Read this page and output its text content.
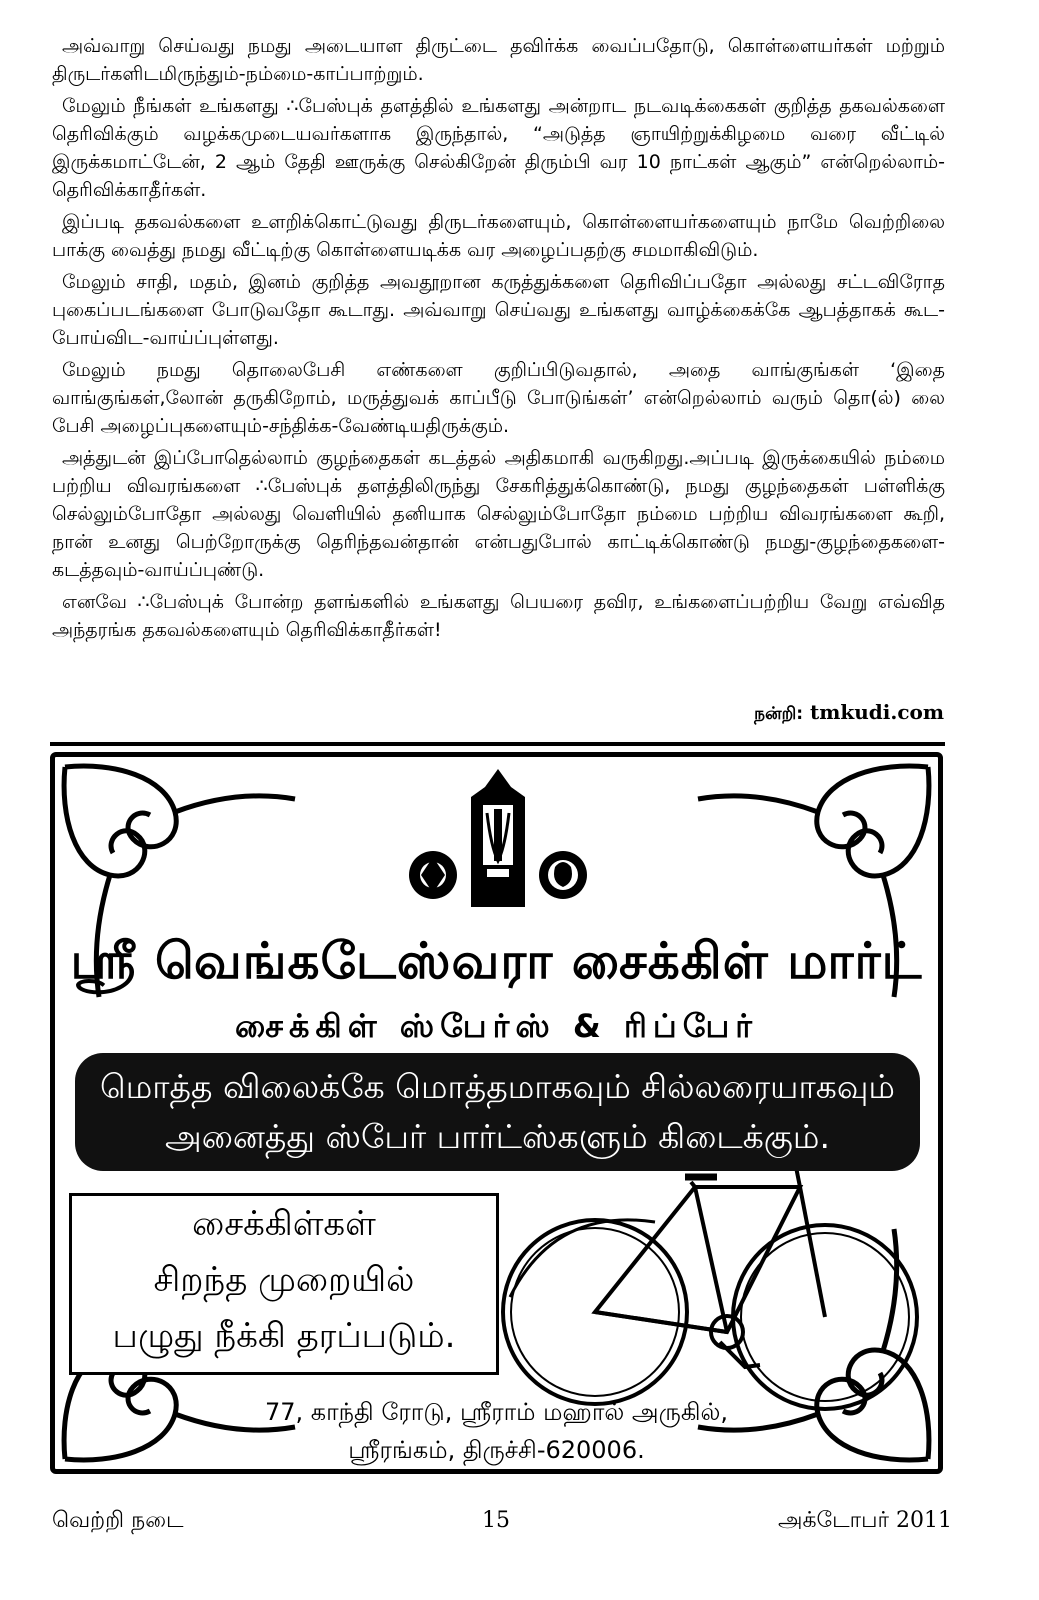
அவ்வாறு செய்வது நமது அடையாள திருட்டை தவிர்க்க வைப்பதோடு, கொள்ளையர்கள் மற்றும் திருடர்களிடமிருந்தும்-நம்மை-காப்பாற்றும்.

மேலும் நீங்கள் உங்களது ∴பேஸ்புக் தளத்தில் உங்களது அன்றாட நடவடிக்கைகள் குறித்த தகவல்களை தெரிவிக்கும் வழக்கமுடையவர்களாக இருந்தால், “அடுத்த ஞாயிற்றுக்கிழமை வரை வீட்டில் இருக்கமாட்டேன், 2 ஆம் தேதி ஊருக்கு செல்கிறேன் திரும்பி வர 10 நாட்கள் ஆகும்” என்றெல்லாம்-தெரிவிக்காதீர்கள்.

இப்படி தகவல்களை உளறிக்கொட்டுவது திருடர்களையும், கொள்ளையர்களையும் நாமே வெற்றிலை பாக்கு வைத்து நமது வீட்டிற்கு கொள்ளையடிக்க வர அழைப்பதற்கு சமமாகிவிடும்.

மேலும் சாதி, மதம், இனம் குறித்த அவதூறான கருத்துக்களை தெரிவிப்பதோ அல்லது சட்டவிரோத புகைப்படங்களை போடுவதோ கூடாது. அவ்வாறு செய்வது உங்களது வாழ்க்கைக்கே ஆபத்தாகக் கூட-போய்விட-வாய்ப்புள்ளது.

மேலும் நமது தொலைபேசி எண்களை குறிப்பிடுவதால், அதை வாங்குங்கள் ‘இதை வாங்குங்கள்,லோன் தருகிறோம், மருத்துவக் காப்பீடு போடுங்கள்’ என்றெல்லாம் வரும் தொ(ல்) லை பேசி அழைப்புகளையும்-சந்திக்க-வேண்டியதிருக்கும்.

அத்துடன் இப்போதெல்லாம் குழந்தைகள் கடத்தல் அதிகமாகி வருகிறது.அப்படி இருக்கையில் நம்மை பற்றிய விவரங்களை ∴பேஸ்புக் தளத்திலிருந்து சேகரித்துக்கொண்டு, நமது குழந்தைகள் பள்ளிக்கு செல்லும்போதோ அல்லது வெளியில் தனியாக செல்லும்போதோ நம்மை பற்றிய விவரங்களை கூறி, நான் உனது பெற்றோருக்கு தெரிந்தவன்தான் என்பதுபோல் காட்டிக்கொண்டு நமது-குழந்தைகளை- கடத்தவும்-வாய்ப்புண்டு.

எனவே ∴பேஸ்புக் போன்ற தளங்களில் உங்களது பெயரை தவிர, உங்களைப்பற்றிய வேறு எவ்வித அந்தரங்க தகவல்களையும் தெரிவிக்காதீர்கள்!

நன்றி: tmkudi.com
ஸ்ரீ வெங்கடேஸ்வரா சைக்கிள் மார்ட்
சைக்கிள் ஸ்பேர்ஸ் & ரிப்பேர்
மொத்த விலைக்கே மொத்தமாகவும் சில்லரையாகவும்
அனைத்து ஸ்பேர் பார்ட்ஸ்களும் கிடைக்கும்.
சைக்கிள்கள்
சிறந்த முறையில்
பழுது நீக்கி தரப்படும்.
77, காந்தி ரோடு, ஸ்ரீராம் மஹால் அருகில்,
ஸ்ரீரங்கம், திருச்சி-620006.
வெற்றி நடை	15	அக்டோபர் 2011
